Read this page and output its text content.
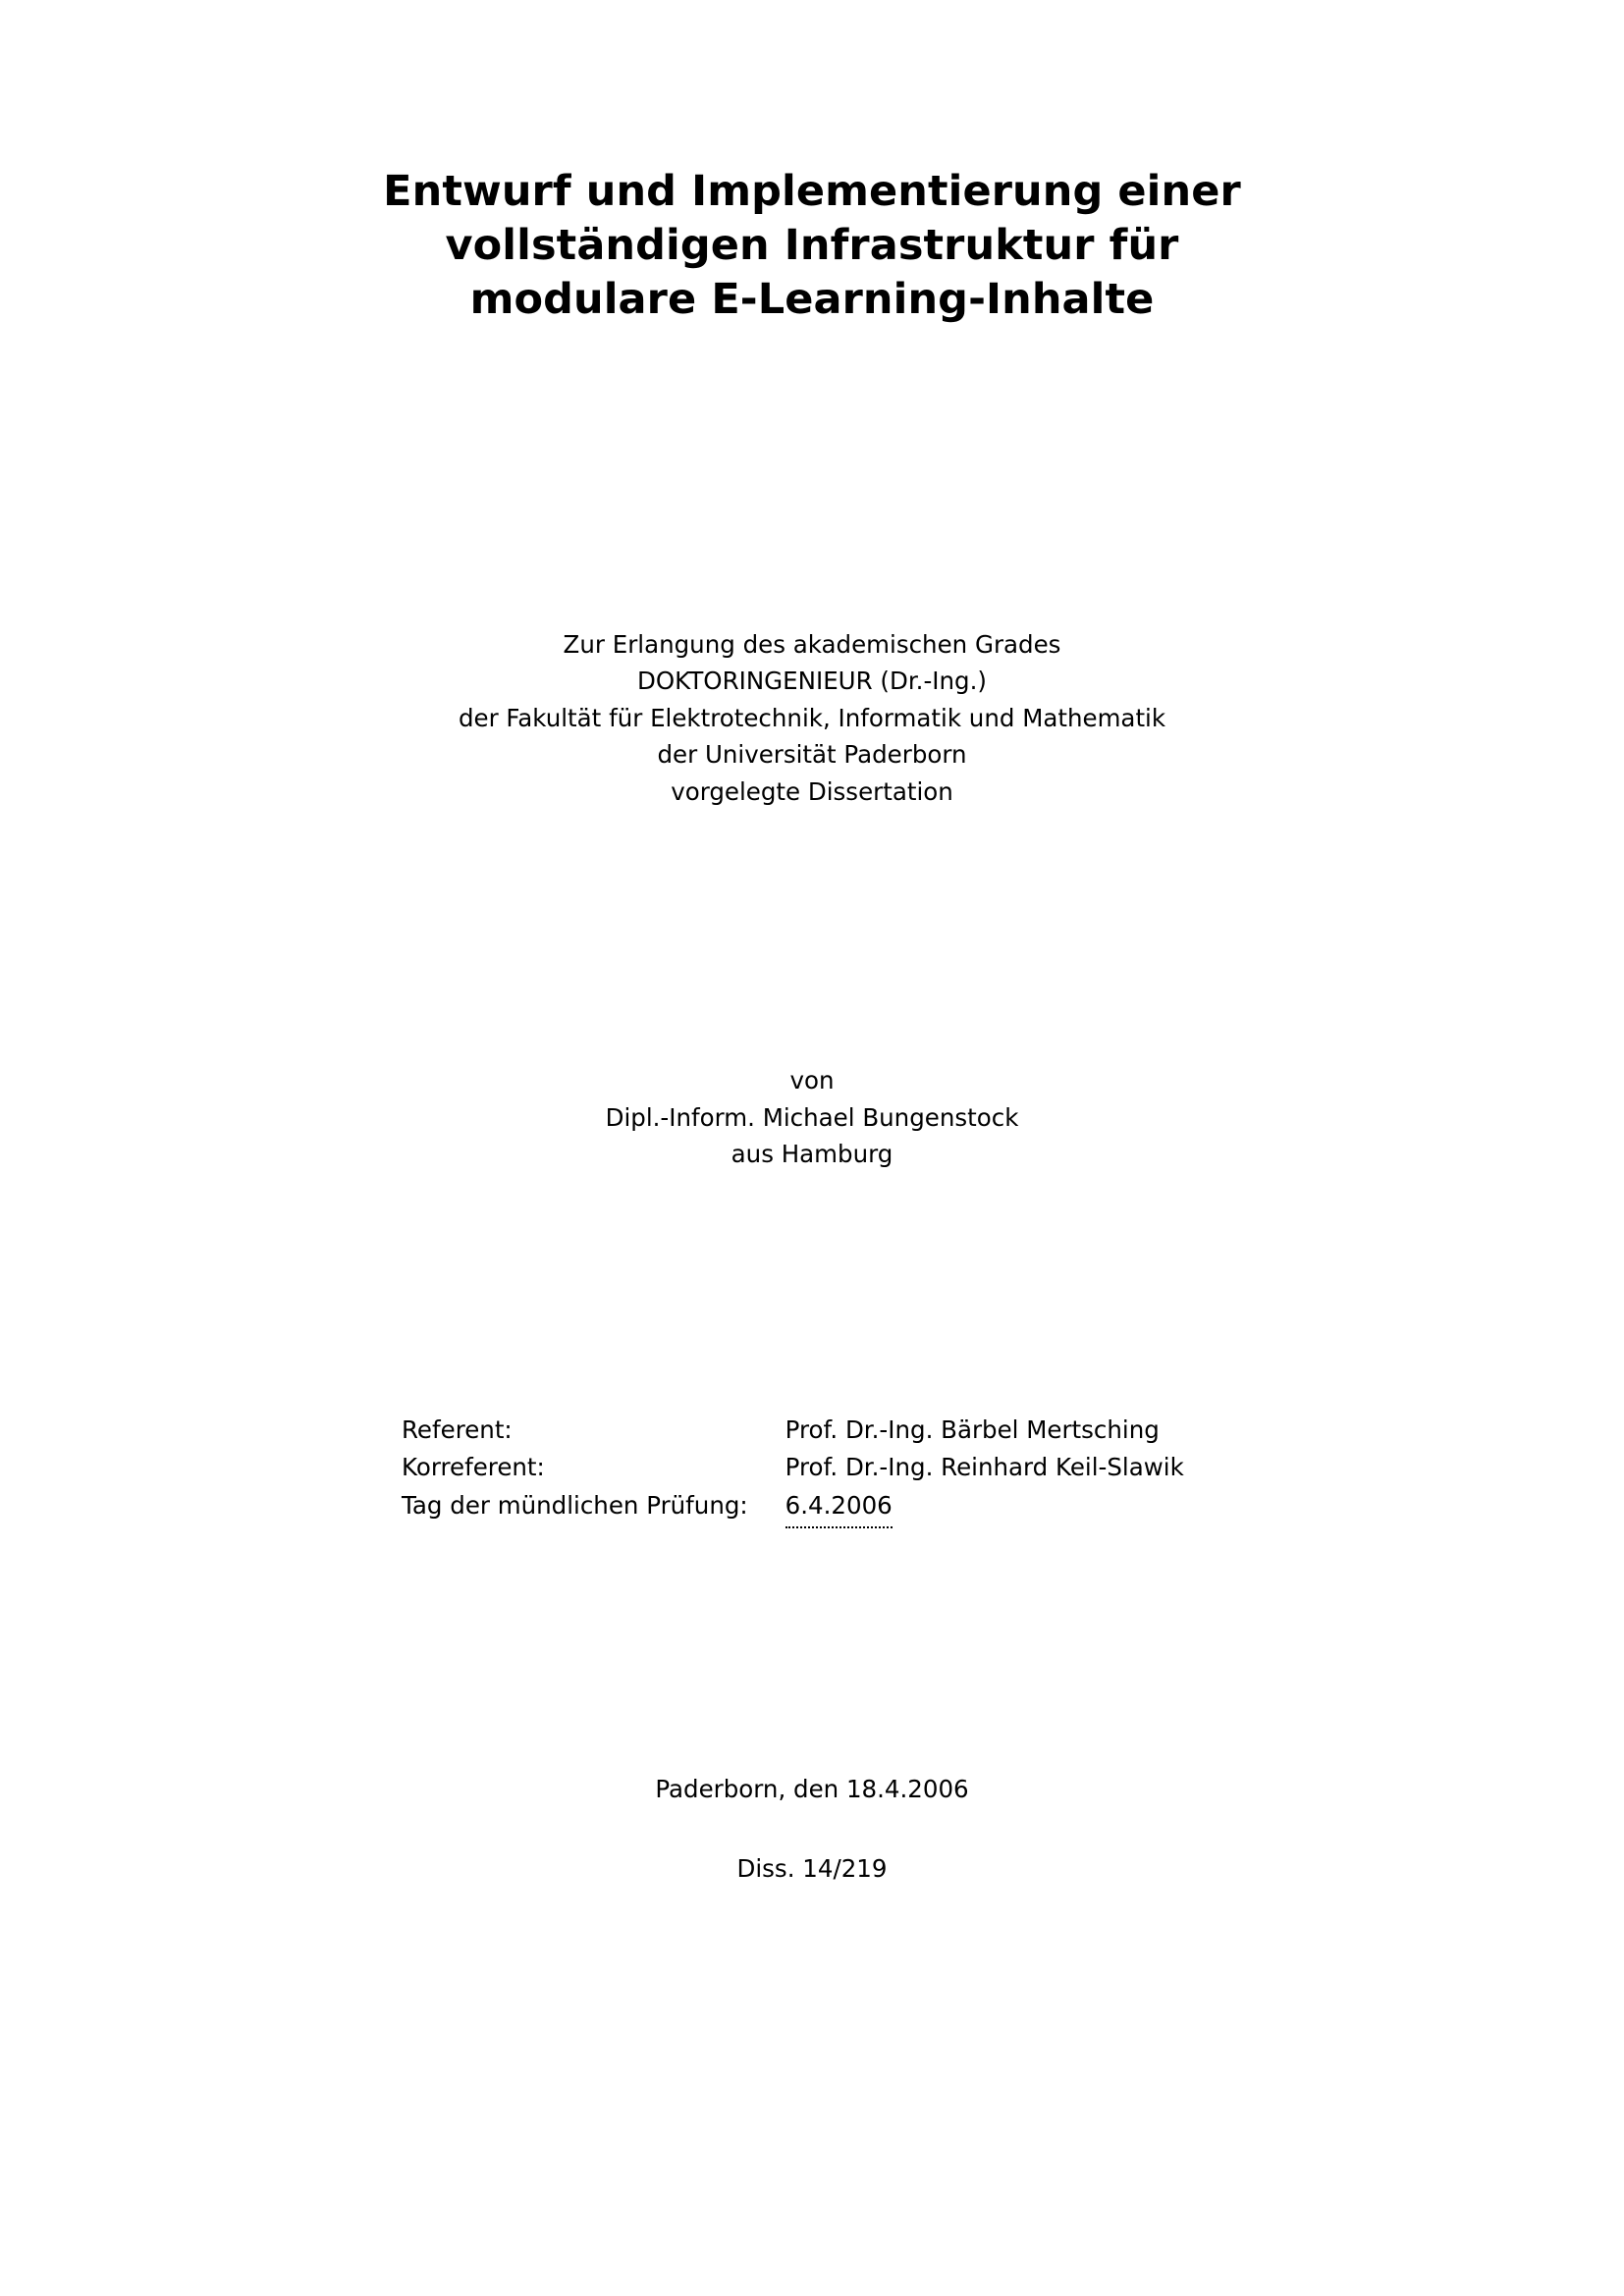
Entwurf und Implementierung einer
vollständigen Infrastruktur für
modulare E-Learning-Inhalte
Zur Erlangung des akademischen Grades
DOKTORINGENIEUR (Dr.-Ing.)
der Fakultät für Elektrotechnik, Informatik und Mathematik
der Universität Paderborn
vorgelegte Dissertation
von
Dipl.-Inform. Michael Bungenstock
aus Hamburg
Referent:	Prof. Dr.-Ing. Bärbel Mertsching
Korreferent:	Prof. Dr.-Ing. Reinhard Keil-Slawik
Tag der mündlichen Prüfung:	6.4.2006
Paderborn, den 18.4.2006
Diss. 14/219
